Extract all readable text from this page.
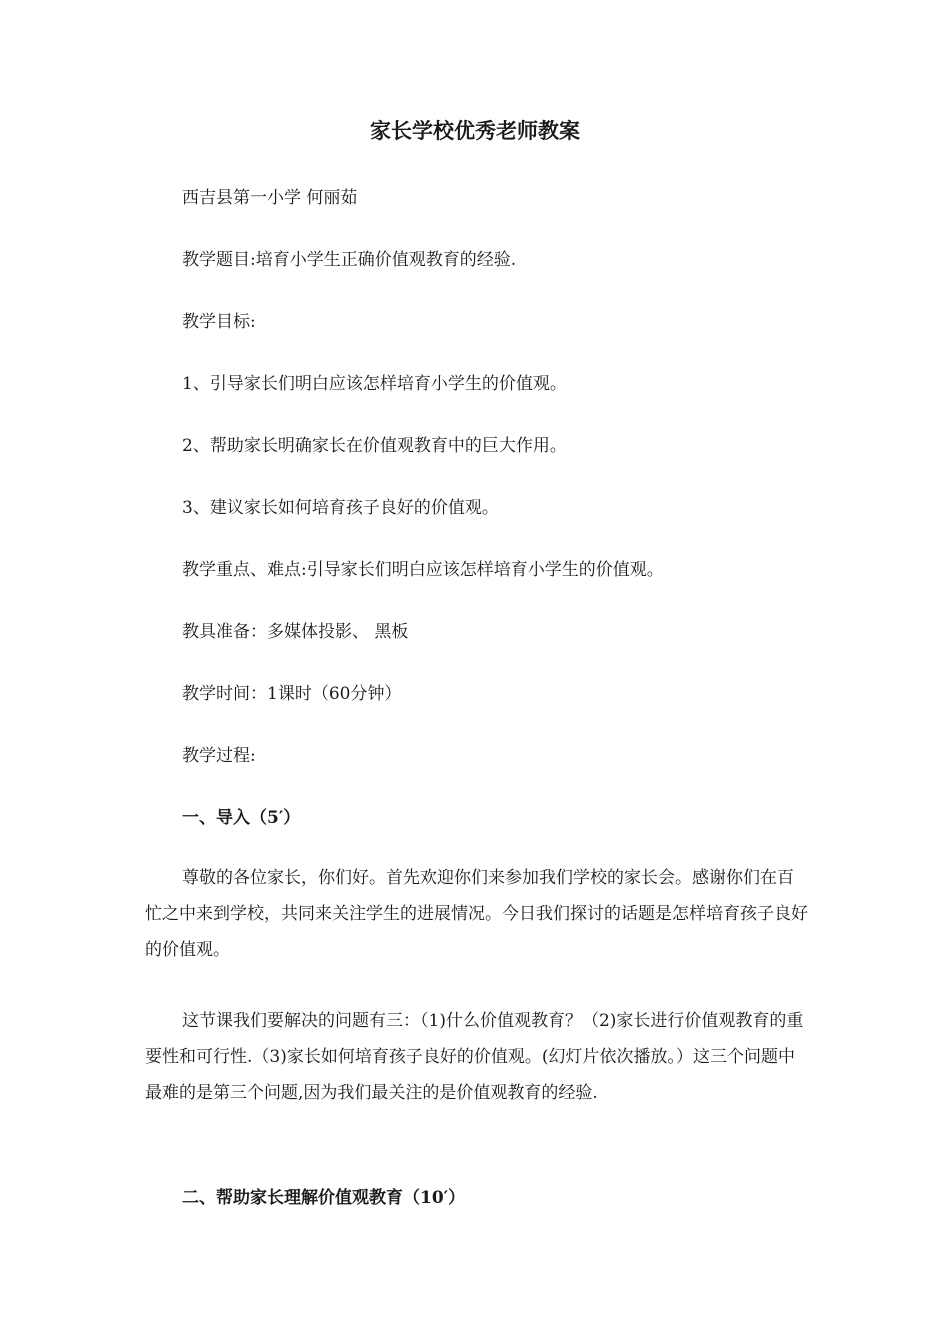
家长学校优秀老师教案
西吉县第一小学 何丽茹
教学题目:培育小学生正确价值观教育的经验.
教学目标:
1、引导家长们明白应该怎样培育小学生的价值观。
2、帮助家长明确家长在价值观教育中的巨大作用。
3、建议家长如何培育孩子良好的价值观。
教学重点、难点:引导家长们明白应该怎样培育小学生的价值观。
教具准备：多媒体投影、 黑板
教学时间：1课时（60分钟）
教学过程:
一、导入（5′）
尊敬的各位家长，你们好。首先欢迎你们来参加我们学校的家长会。感谢你们在百忙之中来到学校，共同来关注学生的进展情况。今日我们探讨的话题是怎样培育孩子良好的价值观。
这节课我们要解决的问题有三：（1)什么价值观教育？（2)家长进行价值观教育的重要性和可行性.（3)家长如何培育孩子良好的价值观。(幻灯片依次播放。）这三个问题中最难的是第三个问题,因为我们最关注的是价值观教育的经验.
二、帮助家长理解价值观教育（10′）
